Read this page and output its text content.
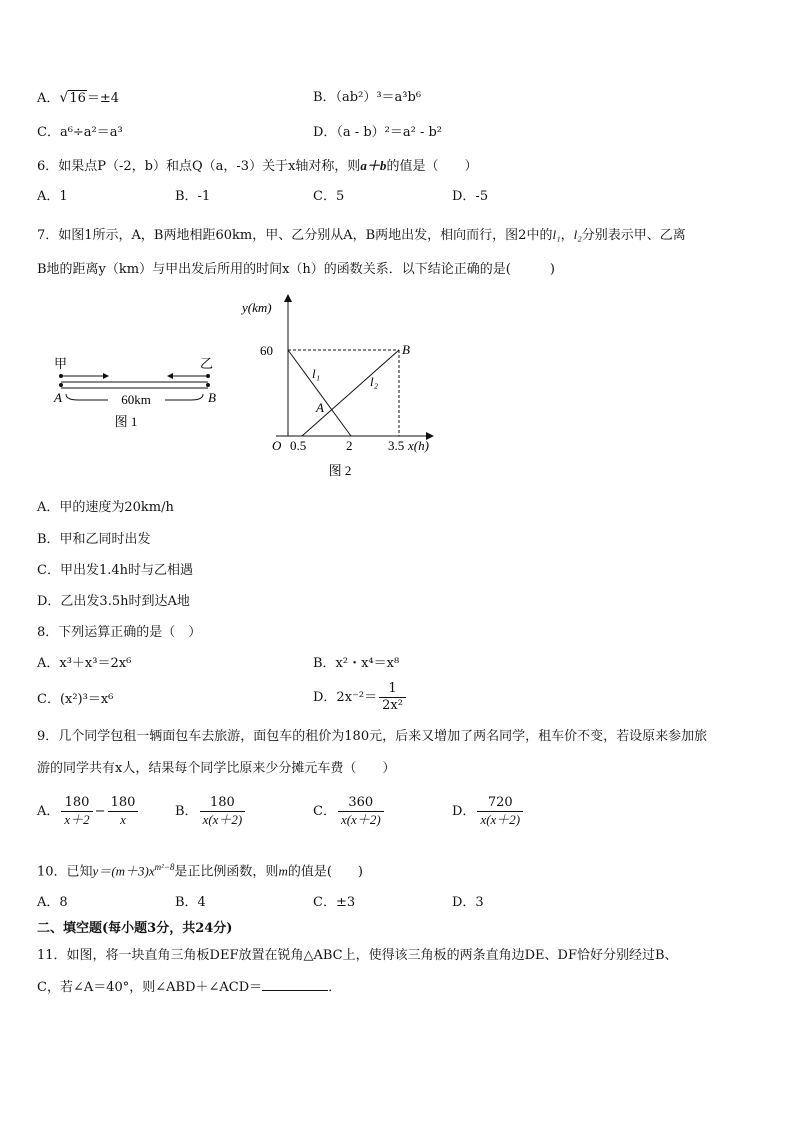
A．√16＝±4	B．（ab²）³＝a³b⁶
C．a⁶÷a²＝a³	D．（a - b）²＝a² - b²
6．如果点P（-2，b）和点Q（a，-3）关于x轴对称，则a＋b的值是（　　）
A．1	B．-1	C．5	D．-5
7．如图1所示，A，B两地相距60km，甲、乙分别从A，B两地出发，相向而行，图2中的l₁，l₂分别表示甲、乙离
B地的距离y（km）与甲出发后所用的时间x（h）的函数关系．以下结论正确的是(　　　)
甲	乙
A	B
60km
图 1
y(km)
x(h)
O
60
0.5	2	3.5
l₁
l₂
A
B
图 2
A．甲的速度为20km/h
B．甲和乙同时出发
C．甲出发1.4h时与乙相遇
D．乙出发3.5h时到达A地
8．下列运算正确的是（　）
A．x³＋x³＝2x⁶	B．x²・x⁴＝x⁸
C．(x²)³＝x⁶	D．$2x^{-2}= \frac{1}{\text{2x²}}$
9．几个同学包租一辆面包车去旅游，面包车的租价为180元，后来又增加了两名同学，租车价不变，若设原来参加旅
游的同学共有x人，结果每个同学比原来少分摊元车费（　　）
A． $\frac{180}{x+2} - \frac{180}{x}$	B． $\frac{180}{x(x+2)}$	C． $\frac{360}{x(x+2)}$	D． $\frac{720}{x(x+2)}$
10．已知$y=(m+3)x^{m^2-8}$是正比例函数，则m的值是(　　)
A．8	B．4	C．±3	D．3
二、填空题(每小题3分，共24分)
11．如图，将一块直角三角板DEF放置在锐角△ABC上，使得该三角板的两条直角边DE、DF恰好分别经过B、
C，若∠A＝40°，则∠ABD＋∠ACD＝	．
